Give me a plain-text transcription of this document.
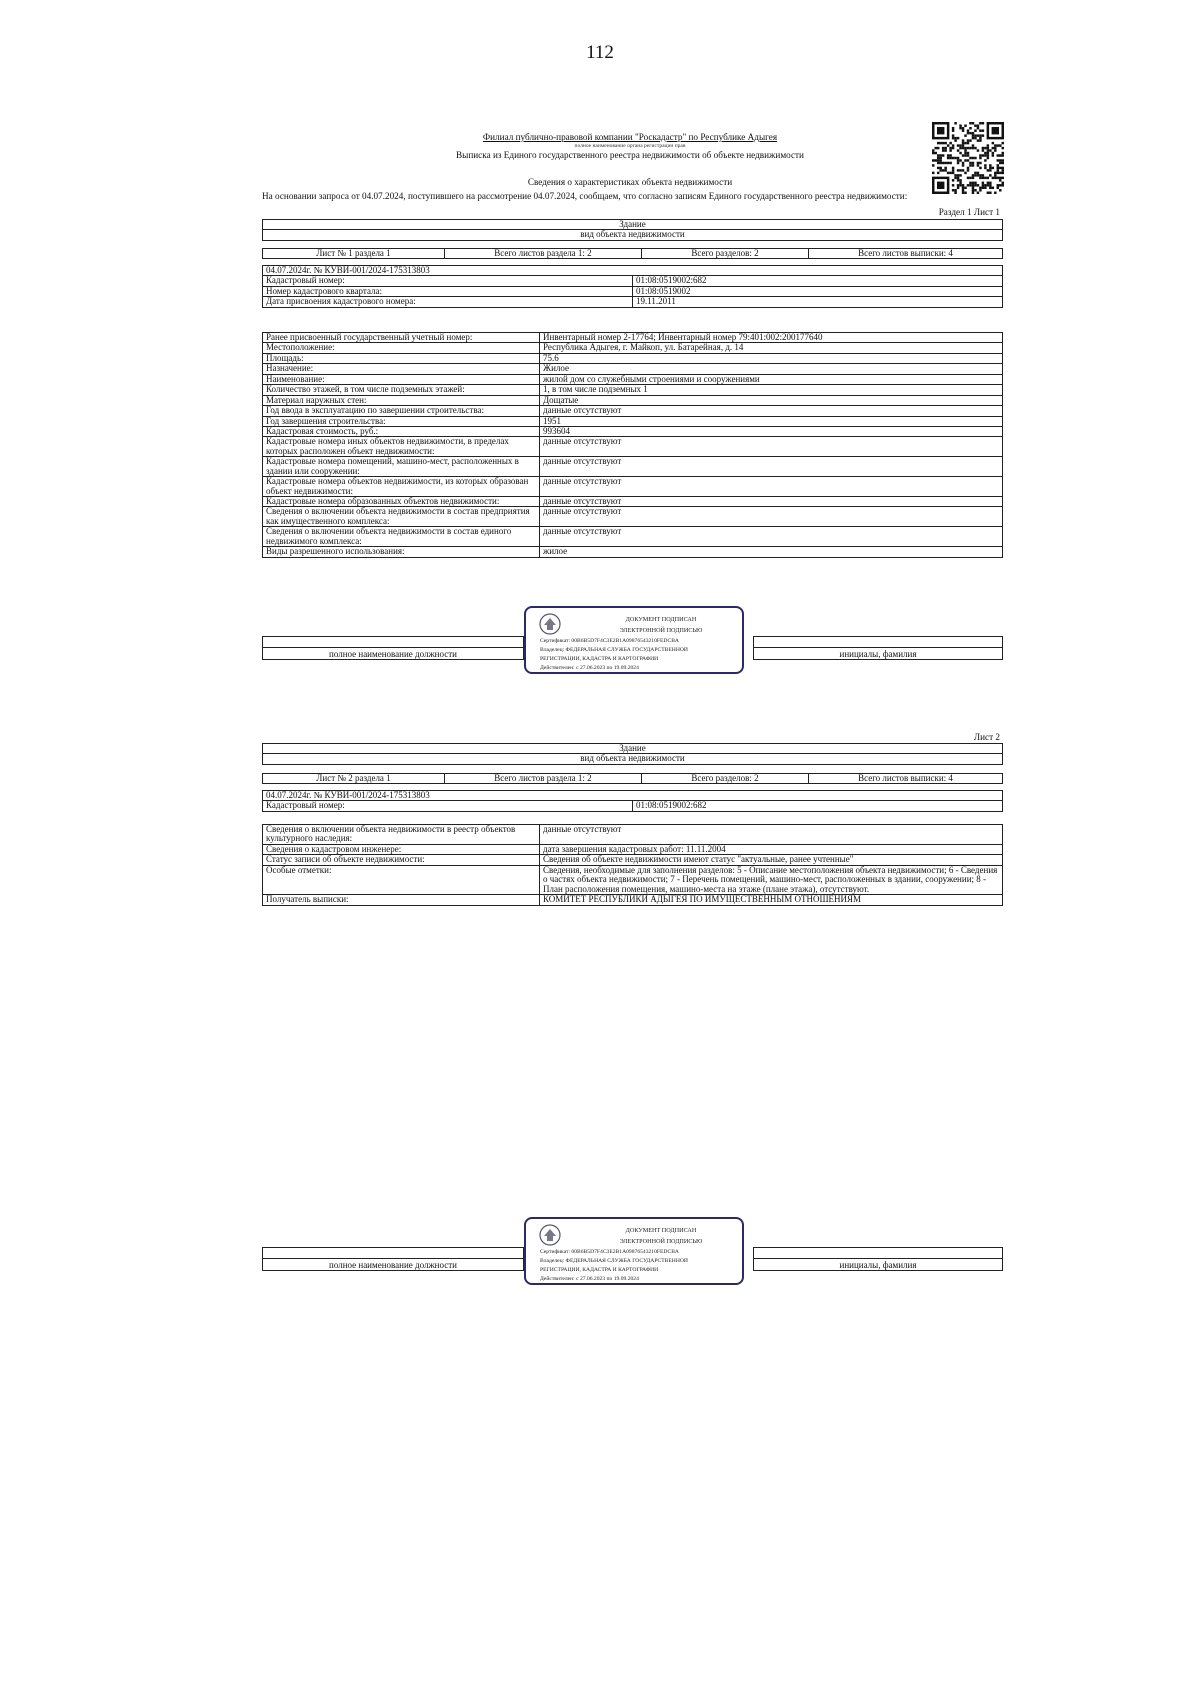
112
Филиал публично-правовой компании "Роскадастр" по Республике Адыгея
полное наименование органа регистрации прав
Выписка из Единого государственного реестра недвижимости об объекте недвижимости
Сведения о характеристиках объекта недвижимости
На основании запроса от 04.07.2024, поступившего на рассмотрение 04.07.2024, сообщаем, что согласно записям Единого государственного реестра недвижимости:
Раздел 1 Лист 1
Здание
вид объекта недвижимости
Лист № 1 раздела 1	Всего листов раздела 1: 2	Всего разделов: 2	Всего листов выписки: 4
04.07.2024г. № КУВИ-001/2024-175313803	
Кадастровый номер:	01:08:0519002:682
Номер кадастрового квартала:	01:08:0519002
Дата присвоения кадастрового номера:	19.11.2011
Ранее присвоенный государственный учетный номер:	Инвентарный номер 2-17764; Инвентарный номер 79:401:002:200177640
Местоположение:	Республика Адыгея, г. Майкоп, ул. Батарейная, д. 14
Площадь:	75.6
Назначение:	Жилое
Наименование:	жилой дом со служебными строениями и сооружениями
Количество этажей, в том числе подземных этажей:	1, в том числе подземных 1
Материал наружных стен:	Дощатые
Год ввода в эксплуатацию по завершении строительства:	данные отсутствуют
Год завершения строительства:	1951
Кадастровая стоимость, руб.:	993604
Кадастровые номера иных объектов недвижимости, в пределах которых расположен объект недвижимости:	данные отсутствуют
Кадастровые номера помещений, машино-мест, расположенных в здании или сооружении:	данные отсутствуют
Кадастровые номера объектов недвижимости, из которых образован объект недвижимости:	данные отсутствуют
Кадастровые номера образованных объектов недвижимости:	данные отсутствуют
Сведения о включении объекта недвижимости в состав предприятия как имущественного комплекса:	данные отсутствуют
Сведения о включении объекта недвижимости в состав единого недвижимого комплекса:	данные отсутствуют
Виды разрешенного использования:	жилое
полное наименование должности	инициалы, фамилия
ДОКУМЕНТ ПОДПИСАН
ЭЛЕКТРОННОЙ ПОДПИСЬЮ
Сертификат: 00B6B5D7F4C3E2B1A09876543210FEDCBA
Владелец: ФЕДЕРАЛЬНАЯ СЛУЖБА ГОСУДАРСТВЕННОЙ
РЕГИСТРАЦИИ, КАДАСТРА И КАРТОГРАФИИ
Действителен: с 27.06.2023 по 19.09.2024
Лист 2
Здание
вид объекта недвижимости
Лист № 2 раздела 1	Всего листов раздела 1: 2	Всего разделов: 2	Всего листов выписки: 4
04.07.2024г. № КУВИ-001/2024-175313803
Кадастровый номер:	01:08:0519002:682
Сведения о включении объекта недвижимости в реестр объектов культурного наследия:	данные отсутствуют
Сведения о кадастровом инженере:	дата завершения кадастровых работ: 11.11.2004
Статус записи об объекте недвижимости:	Сведения об объекте недвижимости имеют статус "актуальные, ранее учтенные"
Особые отметки:	Сведения, необходимые для заполнения разделов: 5 - Описание местоположения объекта недвижимости; 6 - Сведения о частях объекта недвижимости; 7 - Перечень помещений, машино-мест, расположенных в здании, сооружении; 8 - План расположения помещения, машино-места на этаже (плане этажа), отсутствуют.
Получатель выписки:	КОМИТЕТ РЕСПУБЛИКИ АДЫГЕЯ ПО ИМУЩЕСТВЕННЫМ ОТНОШЕНИЯМ
полное наименование должности	инициалы, фамилия
ДОКУМЕНТ ПОДПИСАН
ЭЛЕКТРОННОЙ ПОДПИСЬЮ
Сертификат: 00B6B5D7F4C3E2B1A09876543210FEDCBA
Владелец: ФЕДЕРАЛЬНАЯ СЛУЖБА ГОСУДАРСТВЕННОЙ
РЕГИСТРАЦИИ, КАДАСТРА И КАРТОГРАФИИ
Действителен: с 27.06.2023 по 19.09.2024
